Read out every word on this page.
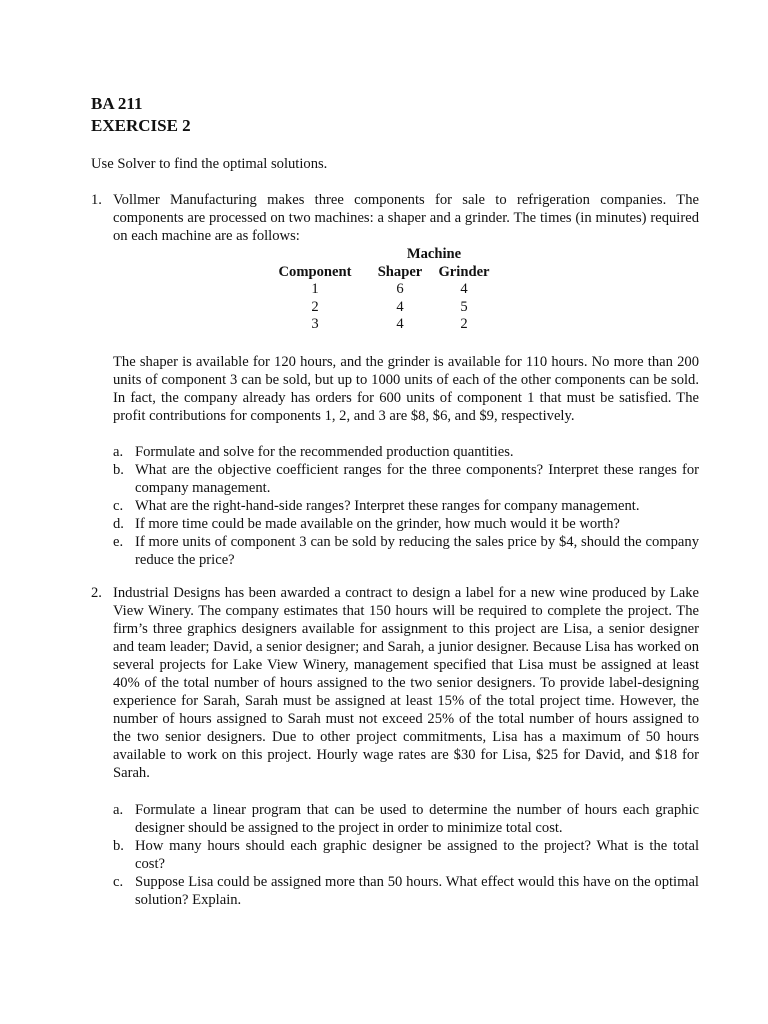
BA 211
EXERCISE 2

Use Solver to find the optimal solutions.

1. Vollmer Manufacturing makes three components for sale to refrigeration companies. The components are processed on two machines: a shaper and a grinder. The times (in minutes) required on each machine are as follows:

	Machine	
Component	Shaper	Grinder
1	6	4
2	4	5
3	4	2

The shaper is available for 120 hours, and the grinder is available for 110 hours. No more than 200 units of component 3 can be sold, but up to 1000 units of each of the other components can be sold. In fact, the company already has orders for 600 units of component 1 that must be satisfied. The profit contributions for components 1, 2, and 3 are $8, $6, and $9, respectively.

a. Formulate and solve for the recommended production quantities.
b. What are the objective coefficient ranges for the three components? Interpret these ranges for company management.
c. What are the right-hand-side ranges? Interpret these ranges for company management.
d. If more time could be made available on the grinder, how much would it be worth?
e. If more units of component 3 can be sold by reducing the sales price by $4, should the company reduce the price?
2. Industrial Designs has been awarded a contract to design a label for a new wine produced by Lake View Winery. The company estimates that 150 hours will be required to complete the project. The firm’s three graphics designers available for assignment to this project are Lisa, a senior designer and team leader; David, a senior designer; and Sarah, a junior designer. Because Lisa has worked on several projects for Lake View Winery, management specified that Lisa must be assigned at least 40% of the total number of hours assigned to the two senior designers. To provide label-designing experience for Sarah, Sarah must be assigned at least 15% of the total project time. However, the number of hours assigned to Sarah must not exceed 25% of the total number of hours assigned to the two senior designers. Due to other project commitments, Lisa has a maximum of 50 hours available to work on this project. Hourly wage rates are $30 for Lisa, $25 for David, and $18 for Sarah.

a. Formulate a linear program that can be used to determine the number of hours each graphic designer should be assigned to the project in order to minimize total cost.
b. How many hours should each graphic designer be assigned to the project? What is the total cost?
c. Suppose Lisa could be assigned more than 50 hours. What effect would this have on the optimal solution? Explain.
